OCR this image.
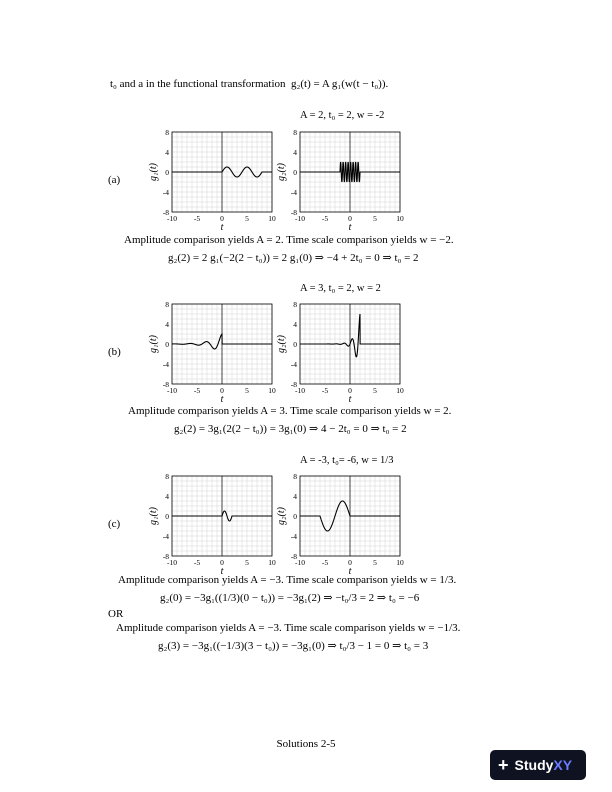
t₀ and a in the functional transformation g₂(t) = A g₁(w(t − t₀)).
A = 2, t₀ = 2, w = -2
(a)
-10 -5	0	5	10
8
4
0
-4
-8
t
g₁(t)
-10 -5	0	5	10
8
4
0
-4
-8
t
g₂(t)
Amplitude comparison yields A = 2. Time scale comparison yields w = −2.
g₂(2) = 2 g₁(−2(2 − t₀)) = 2 g₁(0) ⇒ −4 + 2t₀ = 0 ⇒ t₀ = 2
A = 3, t₀ = 2, w = 2
(b)
-10 -5	0	5	10
8
4
0
-4
-8
t
g₁(t)
-10 -5	0	5	10
8
4
0
-4
-8
t
g₂(t)
Amplitude comparison yields A = 3. Time scale comparison yields w = 2.
g₂(2) = 3g₁(2(2 − t₀)) = 3g₁(0) ⇒ 4 − 2t₀ = 0 ⇒ t₀ = 2
A = -3, t₀= -6, w = 1/3
(c)
-10 -5	0	5	10
8
4
0
-4
-8
t
g₁(t)
-10 -5	0	5	10
8
4
0
-4
-8
t
g₂(t)
Amplitude comparison yields A = −3. Time scale comparison yields w = 1/3.
g₂(0) = −3g₁((1/3)(0 − t₀)) = −3g₁(2) ⇒ −t₀/3 = 2 ⇒ t₀ = −6
OR
Amplitude comparison yields A = −3. Time scale comparison yields w = −1/3.
g₂(3) = −3g₁((−1/3)(3 − t₀)) = −3g₁(0) ⇒ t₀/3 − 1 = 0 ⇒ t₀ = 3
Solutions 2-5
+ Study XY
